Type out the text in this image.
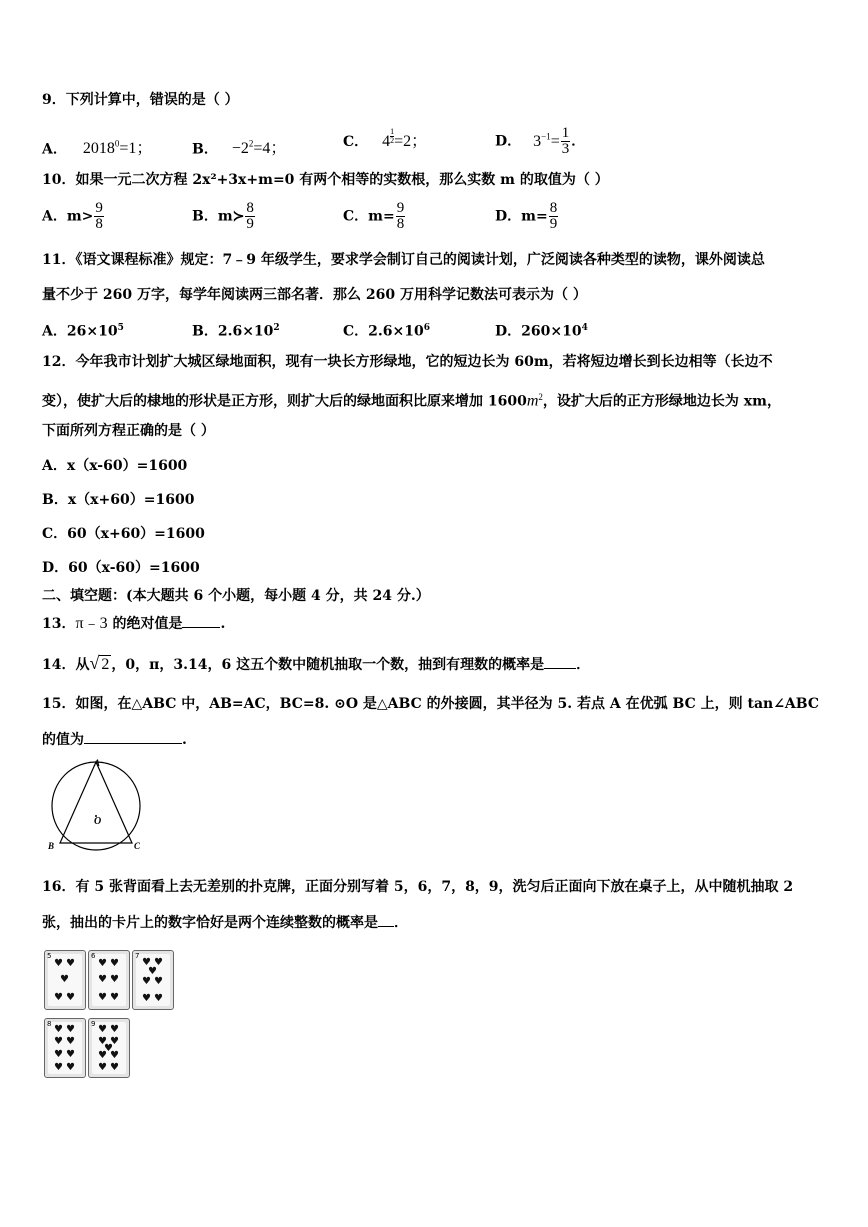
9．下列计算中，错误的是（ ）
A． $2018^0=1$；	B． $-2^2=4$；	C． $4 \frac{1}{2} =2$；	D． $3^{-1}= \frac{1}{3}$ ．
10．如果一元二次方程 2x²+3x+m=0 有两个相等的实数根，那么实数 m 的取值为（ ）
A．$m> \frac{9}{8}$	B．m≻ $\frac{8}{9}$	C．$m= \frac{9}{8}$	D．$m= \frac{8}{9}$
11．《语文课程标准》规定：7﹣9 年级学生，要求学会制订自己的阅读计划，广泛阅读各种类型的读物，课外阅读总
量不少于 260 万字，每学年阅读两三部名著．那么 260 万用科学记数法可表示为（ ）
A．$26\times 10^5$	B．$2.6\times 10^2$	C．$2.6\times 10^6$	D．$260\times 10^4$
12．今年我市计划扩大城区绿地面积，现有一块长方形绿地，它的短边长为 60m，若将短边增长到长边相等（长边不
变），使扩大后的棣地的形状是正方形，则扩大后的绿地面积比原来增加 $1600m^2$，设扩大后的正方形绿地边长为 xm，
下面所列方程正确的是（ ）
A．x（x-60）=1600
B．x（x+60）=1600
C．60（x+60）=1600
D．60（x-60）=1600
二、填空题：(本大题共 6 个小题，每小题 4 分，共 24 分.）
13．π﹣3 的绝对值是	.
14．从√ 2 ，0，π，3.14，6 这五个数中随机抽取一个数，抽到有理数的概率是 ．
15．如图，在△ABC 中，AB=AC，BC=8. ⊙O 是△ABC 的外接圆，其半径为 5. 若点 A 在优弧 BC 上，则 tan∠ABC
的值为	.
A
B	C
O
16．有 5 张背面看上去无差别的扑克牌，正面分别写着 5，6，7，8，9，洗匀后正面向下放在桌子上，从中随机抽取 2
张，抽出的卡片上的数字恰好是两个连续整数的概率是 ．
5
♥ ♥
♥
♥ ♥
6
♥ ♥
♥ ♥
♥ ♥
7
♥ ♥
♥
♥ ♥
♥ ♥
8 ♥ ♥
♥ ♥
♥ ♥
♥ ♥
9 ♥ ♥
♥ ♥
♥
♥ ♥
♥ ♥
